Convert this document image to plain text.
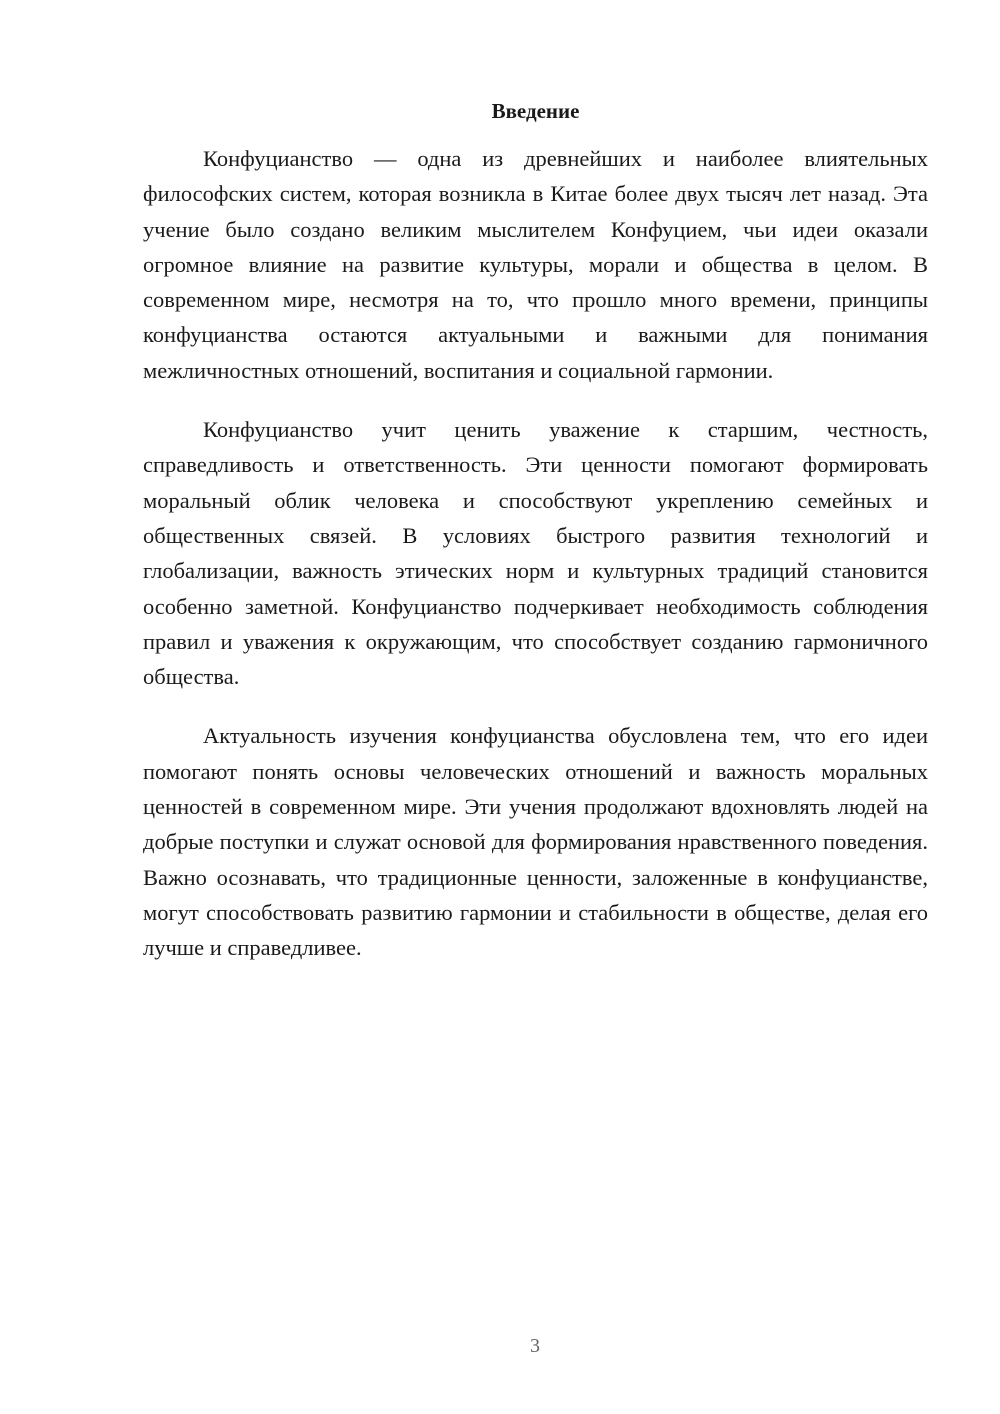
Введение

Конфуцианство — одна из древнейших и наиболее влиятельных философских систем, которая возникла в Китае более двух тысяч лет назад. Эта учение было создано великим мыслителем Конфуцием, чьи идеи оказали огромное влияние на развитие культуры, морали и общества в целом. В современном мире, несмотря на то, что прошло много времени, принципы конфуцианства остаются актуальными и важными для понимания межличностных отношений, воспитания и социальной гармонии.

Конфуцианство учит ценить уважение к старшим, честность, справедливость и ответственность. Эти ценности помогают формировать моральный облик человека и способствуют укреплению семейных и общественных связей. В условиях быстрого развития технологий и глобализации, важность этических норм и культурных традиций становится особенно заметной. Конфуцианство подчеркивает необходимость соблюдения правил и уважения к окружающим, что способствует созданию гармоничного общества.

Актуальность изучения конфуцианства обусловлена тем, что его идеи помогают понять основы человеческих отношений и важность моральных ценностей в современном мире. Эти учения продолжают вдохновлять людей на добрые поступки и служат основой для формирования нравственного поведения. Важно осознавать, что традиционные ценности, заложенные в конфуцианстве, могут способствовать развитию гармонии и стабильности в обществе, делая его лучше и справедливее.

3
